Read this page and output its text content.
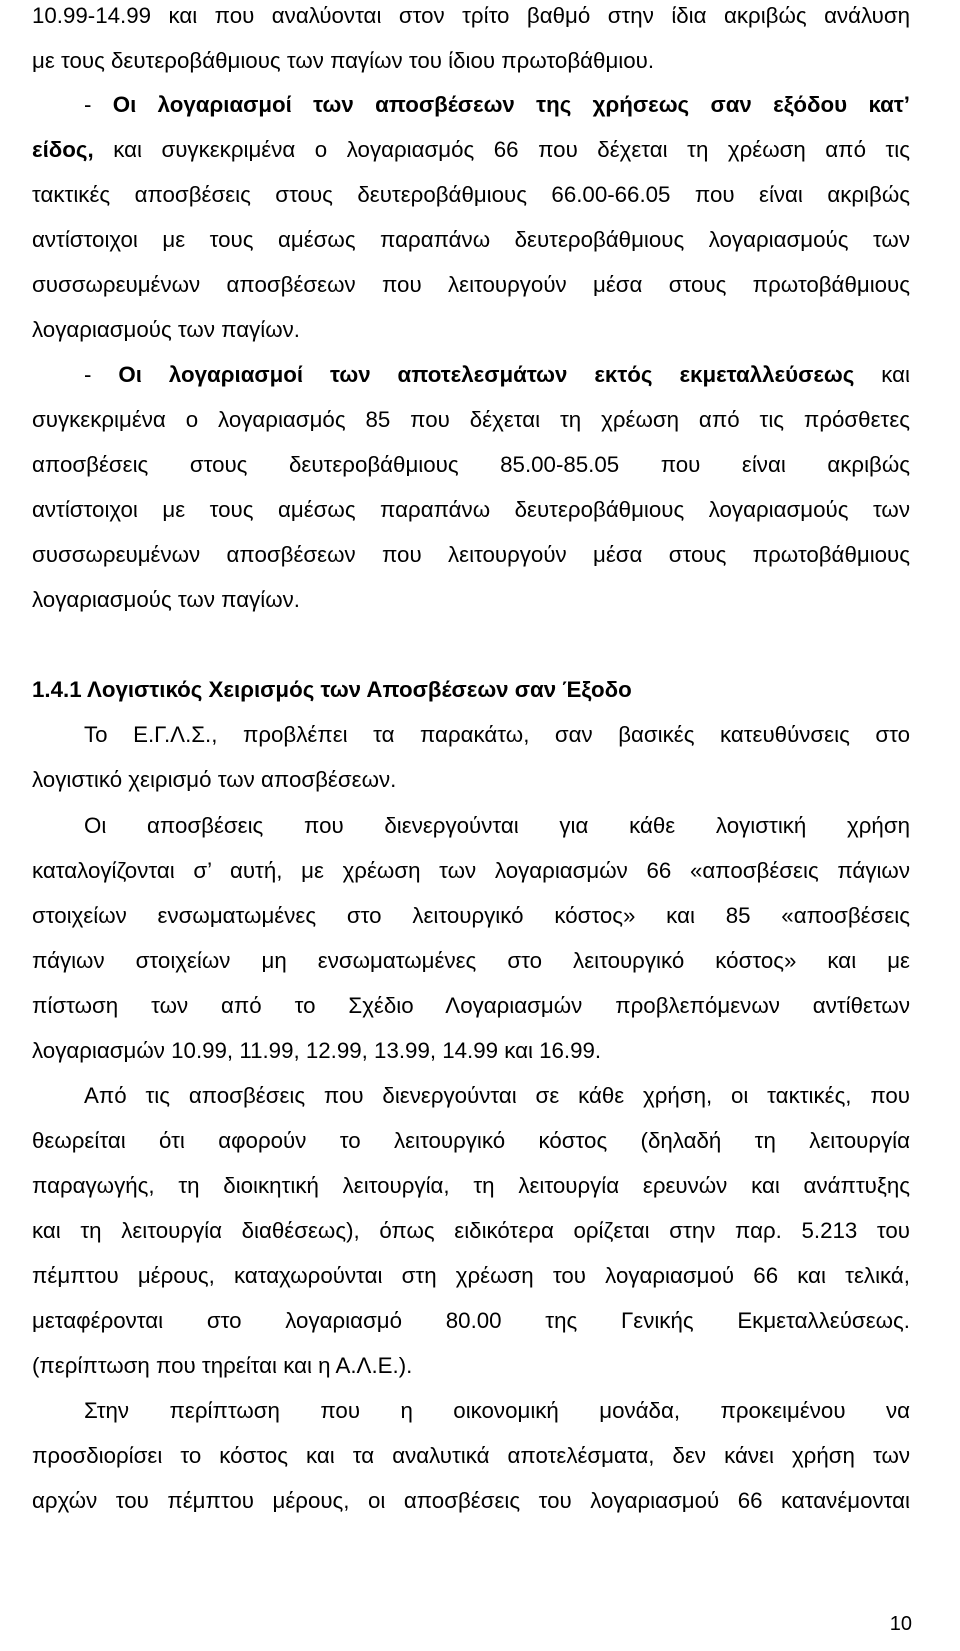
10.99-14.99 και που αναλύονται στον τρίτο βαθμό στην ίδια ακριβώς ανάλυση
με τους δευτεροβάθμιους των παγίων του ίδιου πρωτοβάθμιου.
- Οι λογαριασμοί των αποσβέσεων της χρήσεως σαν εξόδου κατ’
είδος, και συγκεκριμένα ο λογαριασμός 66 που δέχεται τη χρέωση από τις
τακτικές αποσβέσεις στους δευτεροβάθμιους 66.00-66.05 που είναι ακριβώς
αντίστοιχοι με τους αμέσως παραπάνω δευτεροβάθμιους λογαριασμούς των
συσσωρευμένων αποσβέσεων που λειτουργούν μέσα στους πρωτοβάθμιους
λογαριασμούς των παγίων.
- Οι λογαριασμοί των αποτελεσμάτων εκτός εκμεταλλεύσεως και
συγκεκριμένα ο λογαριασμός 85 που δέχεται τη χρέωση από τις πρόσθετες
αποσβέσεις στους δευτεροβάθμιους 85.00-85.05 που είναι ακριβώς
αντίστοιχοι με τους αμέσως παραπάνω δευτεροβάθμιους λογαριασμούς των
συσσωρευμένων αποσβέσεων που λειτουργούν μέσα στους πρωτοβάθμιους
λογαριασμούς των παγίων.
1.4.1 Λογιστικός Χειρισμός των Αποσβέσεων σαν Έξοδο
Το Ε.Γ.Λ.Σ., προβλέπει τα παρακάτω, σαν βασικές κατευθύνσεις στο
λογιστικό χειρισμό των αποσβέσεων.
Οι αποσβέσεις που διενεργούνται για κάθε λογιστική χρήση
καταλογίζονται σ’ αυτή, με χρέωση των λογαριασμών 66 «αποσβέσεις πάγιων
στοιχείων ενσωματωμένες στο λειτουργικό κόστος» και 85 «αποσβέσεις
πάγιων στοιχείων μη ενσωματωμένες στο λειτουργικό κόστος» και με
πίστωση των από το Σχέδιο Λογαριασμών προβλεπόμενων αντίθετων
λογαριασμών 10.99, 11.99, 12.99, 13.99, 14.99 και 16.99.
Από τις αποσβέσεις που διενεργούνται σε κάθε χρήση, οι τακτικές, που
θεωρείται ότι αφορούν το λειτουργικό κόστος (δηλαδή τη λειτουργία
παραγωγής, τη διοικητική λειτουργία, τη λειτουργία ερευνών και ανάπτυξης
και τη λειτουργία διαθέσεως), όπως ειδικότερα ορίζεται στην παρ. 5.213 του
πέμπτου μέρους, καταχωρούνται στη χρέωση του λογαριασμού 66 και τελικά,
μεταφέρονται στο λογαριασμό 80.00 της Γενικής Εκμεταλλεύσεως.
(περίπτωση που τηρείται και η Α.Λ.Ε.).
Στην περίπτωση που η οικονομική μονάδα, προκειμένου να
προσδιορίσει το κόστος και τα αναλυτικά αποτελέσματα, δεν κάνει χρήση των
αρχών του πέμπτου μέρους, οι αποσβέσεις του λογαριασμού 66 κατανέμονται
10
